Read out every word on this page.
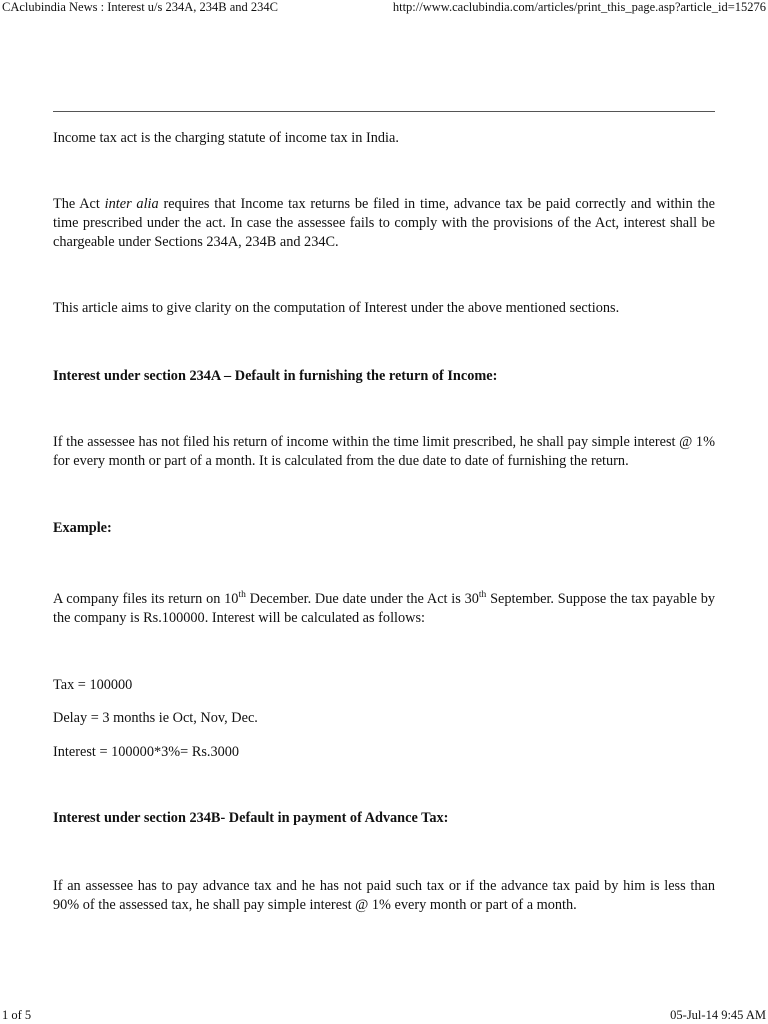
CAclubindia News : Interest u/s 234A, 234B and 234C	http://www.caclubindia.com/articles/print_this_page.asp?article_id=15276

Income tax act is the charging statute of income tax in India.

The Act inter alia requires that Income tax returns be filed in time, advance tax be paid correctly and within the time prescribed under the act. In case the assessee fails to comply with the provisions of the Act, interest shall be chargeable under Sections 234A, 234B and 234C.

This article aims to give clarity on the computation of Interest under the above mentioned sections.

Interest under section 234A – Default in furnishing the return of Income:

If the assessee has not filed his return of income within the time limit prescribed, he shall pay simple interest @ 1% for every month or part of a month. It is calculated from the due date to date of furnishing the return.

Example:

A company files its return on 10th December. Due date under the Act is 30th September. Suppose the tax payable by the company is Rs.100000. Interest will be calculated as follows:

Tax = 100000

Delay = 3 months ie Oct, Nov, Dec.

Interest = 100000*3%= Rs.3000

Interest under section 234B- Default in payment of Advance Tax:

If an assessee has to pay advance tax and he has not paid such tax or if the advance tax paid by him is less than 90% of the assessed tax, he shall pay simple interest @ 1% every month or part of a month.

1 of 5	05-Jul-14 9:45 AM
